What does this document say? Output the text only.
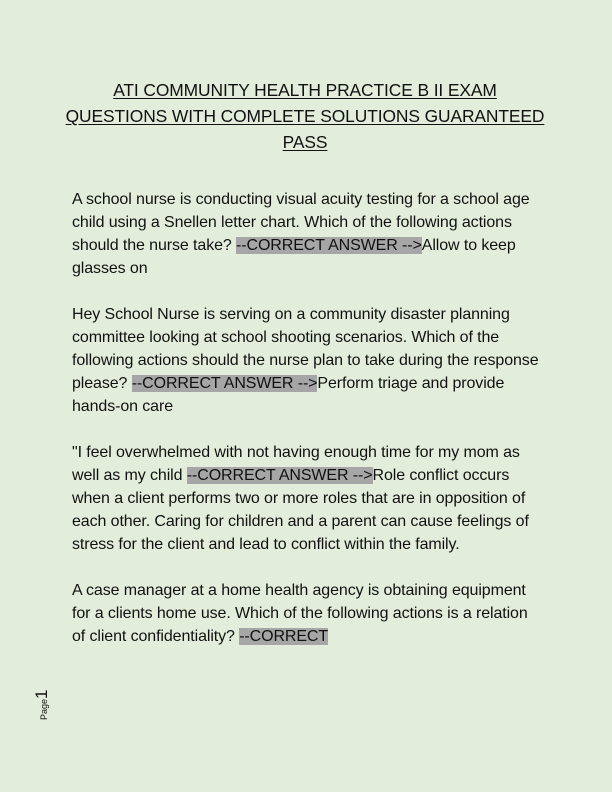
ATI COMMUNITY HEALTH PRACTICE B II EXAM
QUESTIONS WITH COMPLETE SOLUTIONS GUARANTEED
PASS

A school nurse is conducting visual acuity testing for a school age child using a Snellen letter chart. Which of the following actions should the nurse take? --CORRECT ANSWER -->Allow to keep glasses on

Hey School Nurse is serving on a community disaster planning committee looking at school shooting scenarios. Which of the following actions should the nurse plan to take during the response please? --CORRECT ANSWER -->Perform triage and provide hands-on care

"I feel overwhelmed with not having enough time for my mom as well as my child --CORRECT ANSWER -->Role conflict occurs when a client performs two or more roles that are in opposition of each other. Caring for children and a parent can cause feelings of stress for the client and lead to conflict within the family.

A case manager at a home health agency is obtaining equipment for a clients home use. Which of the following actions is a relation of client confidentiality? --CORRECT

Page1
